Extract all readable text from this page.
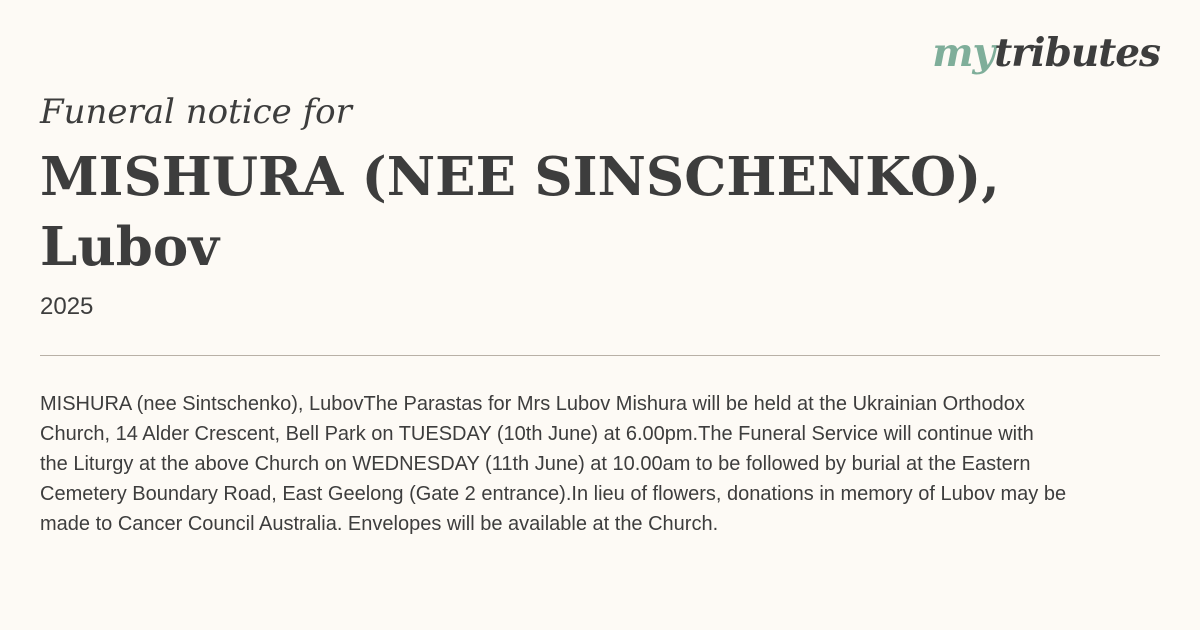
mytributes
Funeral notice for
MISHURA (NEE SINSCHENKO),
Lubov
2025

MISHURA (nee Sintschenko), LubovThe Parastas for Mrs Lubov Mishura will be held at the Ukrainian Orthodox
Church, 14 Alder Crescent, Bell Park on TUESDAY (10th June) at 6.00pm.The Funeral Service will continue with
the Liturgy at the above Church on WEDNESDAY (11th June) at 10.00am to be followed by burial at the Eastern
Cemetery Boundary Road, East Geelong (Gate 2 entrance).In lieu of flowers, donations in memory of Lubov may be
made to Cancer Council Australia. Envelopes will be available at the Church.
